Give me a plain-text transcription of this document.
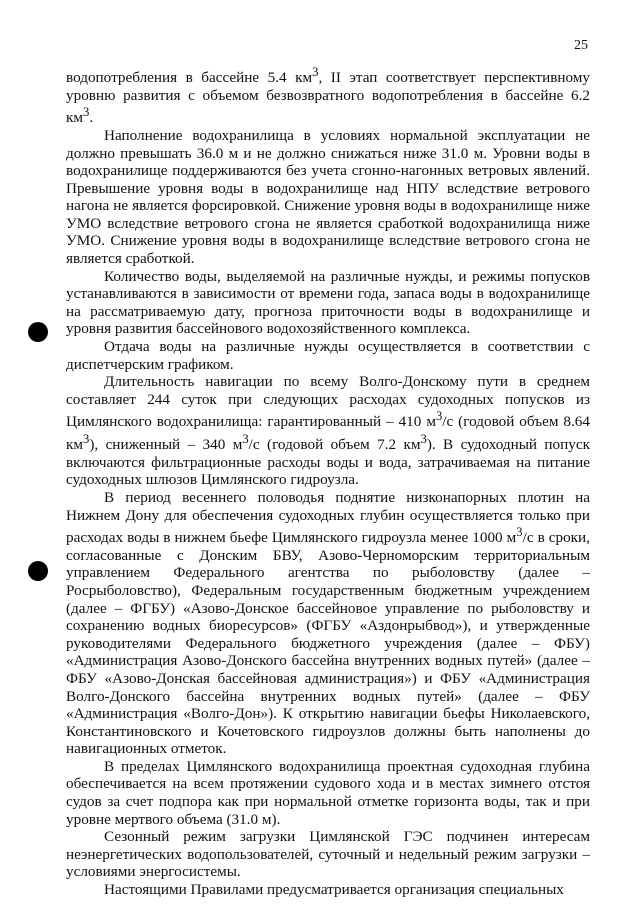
25

водопотребления в бассейне 5.4 $км^3$, II этап соответствует перспективному уровню развития с объемом безвозвратного водопотребления в бассейне 6.2 $км^3$.

Наполнение водохранилища в условиях нормальной эксплуатации не должно превышать 36.0 м и не должно снижаться ниже 31.0 м. Уровни воды в водохранилище поддерживаются без учета сгонно-нагонных ветровых явлений. Превышение уровня воды в водохранилище над НПУ вследствие ветрового нагона не является форсировкой. Снижение уровня воды в водохранилище ниже УМО вследствие ветрового сгона не является сработкой водохранилища ниже УМО. Снижение уровня воды в водохранилище вследствие ветрового сгона не является сработкой.

Количество воды, выделяемой на различные нужды, и режимы попусков устанавливаются в зависимости от времени года, запаса воды в водохранилище на рассматриваемую дату, прогноза приточности воды в водохранилище и уровня развития бассейнового водохозяйственного комплекса.

Отдача воды на различные нужды осуществляется в соответствии с диспетчерским графиком.

Длительность навигации по всему Волго-Донскому пути в среднем составляет 244 суток при следующих расходах судоходных попусков из Цимлянского водохранилища: гарантированный – 410 $м^3/с$ (годовой объем 8.64 $км^3$), сниженный – 340 $м^3/с$ (годовой объем 7.2 $км^3$). В судоходный попуск включаются фильтрационные расходы воды и вода, затрачиваемая на питание судоходных шлюзов Цимлянского гидроузла.

В период весеннего половодья поднятие низконапорных плотин на Нижнем Дону для обеспечения судоходных глубин осуществляется только при расходах воды в нижнем бьефе Цимлянского гидроузла менее 1000 $м^3/с$ в сроки, согласованные с Донским БВУ, Азово-Черноморским территориальным управлением Федерального агентства по рыболовству (далее – Росрыболовство), Федеральным государственным бюджетным учреждением (далее – ФГБУ) «Азово-Донское бассейновое управление по рыболовству и сохранению водных биоресурсов» (ФГБУ «Аздонрыбвод»), и утвержденные руководителями Федерального бюджетного учреждения (далее – ФБУ) «Администрация Азово-Донского бассейна внутренних водных путей» (далее – ФБУ «Азово-Донская бассейновая администрация») и ФБУ «Администрация Волго-Донского бассейна внутренних водных путей» (далее – ФБУ «Администрация «Волго-Дон»). К открытию навигации бьефы Николаевского, Константиновского и Кочетовского гидроузлов должны быть наполнены до навигационных отметок.

В пределах Цимлянского водохранилища проектная судоходная глубина обеспечивается на всем протяжении судового хода и в местах зимнего отстоя судов за счет подпора как при нормальной отметке горизонта воды, так и при уровне мертвого объема (31.0 м).

Сезонный режим загрузки Цимлянской ГЭС подчинен интересам неэнергетических водопользователей, суточный и недельный режим загрузки – условиями энергосистемы.

Настоящими Правилами предусматривается организация специальных
